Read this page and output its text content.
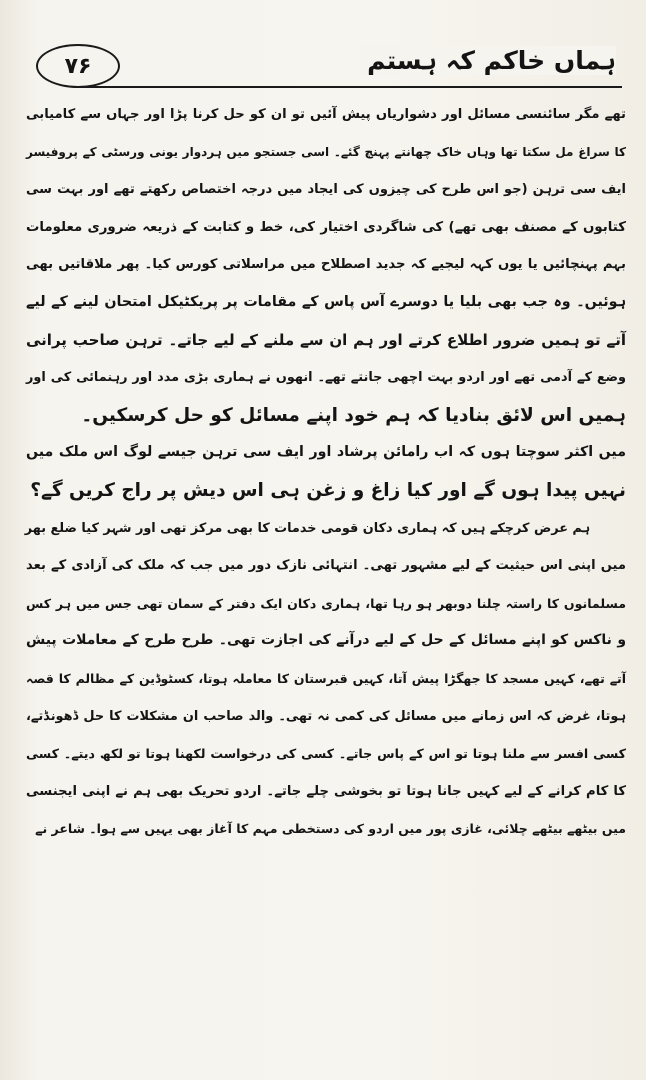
۷۶	ہماں خاکم کہ ہستم
تھے مگر سائنسی مسائل اور دشواریاں پیش آئیں تو ان کو حل کرنا پڑا اور جہاں سے کامیابی
کا سراغ مل سکتا تھا وہاں خاک چھانتے پہنچ گئے۔ اسی جستجو میں ہردوار یونی ورسٹی کے پروفیسر
ایف سی ترہن (جو اس طرح کی چیزوں کی ایجاد میں درجہ اختصاص رکھتے تھے اور بہت سی
کتابوں کے مصنف بھی تھے) کی شاگردی اختیار کی، خط و کتابت کے ذریعہ ضروری معلومات
بہم پہنچائیں یا یوں کہہ لیجیے کہ جدید اصطلاح میں مراسلاتی کورس کیا۔ پھر ملاقاتیں بھی
ہوئیں۔ وہ جب بھی بلیا یا دوسرے آس پاس کے مقامات پر پریکٹیکل امتحان لینے کے لیے
آتے تو ہمیں ضرور اطلاع کرتے اور ہم ان سے ملنے کے لیے جاتے۔ ترہن صاحب پرانی
وضع کے آدمی تھے اور اردو بہت اچھی جانتے تھے۔ انھوں نے ہماری بڑی مدد اور رہنمائی کی اور
ہمیں اس لائق بنادیا کہ ہم خود اپنے مسائل کو حل کرسکیں۔
میں اکثر سوچتا ہوں کہ اب رامائن پرشاد اور ایف سی ترہن جیسے لوگ اس ملک میں
نہیں پیدا ہوں گے اور کیا زاغ و زغن ہی اس دیش پر راج کریں گے؟
ہم عرض کرچکے ہیں کہ ہماری دکان قومی خدمات کا بھی مرکز تھی اور شہر کیا ضلع بھر
میں اپنی اس حیثیت کے لیے مشہور تھی۔ انتہائی نازک دور میں جب کہ ملک کی آزادی کے بعد
مسلمانوں کا راستہ چلنا دوبھر ہو رہا تھا، ہماری دکان ایک دفتر کے سمان تھی جس میں ہر کس
و ناکس کو اپنے مسائل کے حل کے لیے درآنے کی اجازت تھی۔ طرح طرح کے معاملات پیش
آتے تھے، کہیں مسجد کا جھگڑا پیش آتا، کہیں قبرستان کا معاملہ ہوتا، کسٹوڈین کے مظالم کا قصہ
ہوتا، غرض کہ اس زمانے میں مسائل کی کمی نہ تھی۔ والد صاحب ان مشکلات کا حل ڈھونڈتے،
کسی افسر سے ملنا ہوتا تو اس کے پاس جاتے۔ کسی کی درخواست لکھنا ہوتا تو لکھ دیتے۔ کسی
کا کام کرانے کے لیے کہیں جانا ہوتا تو بخوشی چلے جاتے۔ اردو تحریک بھی ہم نے اپنی ایجنسی
میں بیٹھے بیٹھے چلائی، غازی پور میں اردو کی دستخطی مہم کا آغاز بھی یہیں سے ہوا۔ شاعر نے
